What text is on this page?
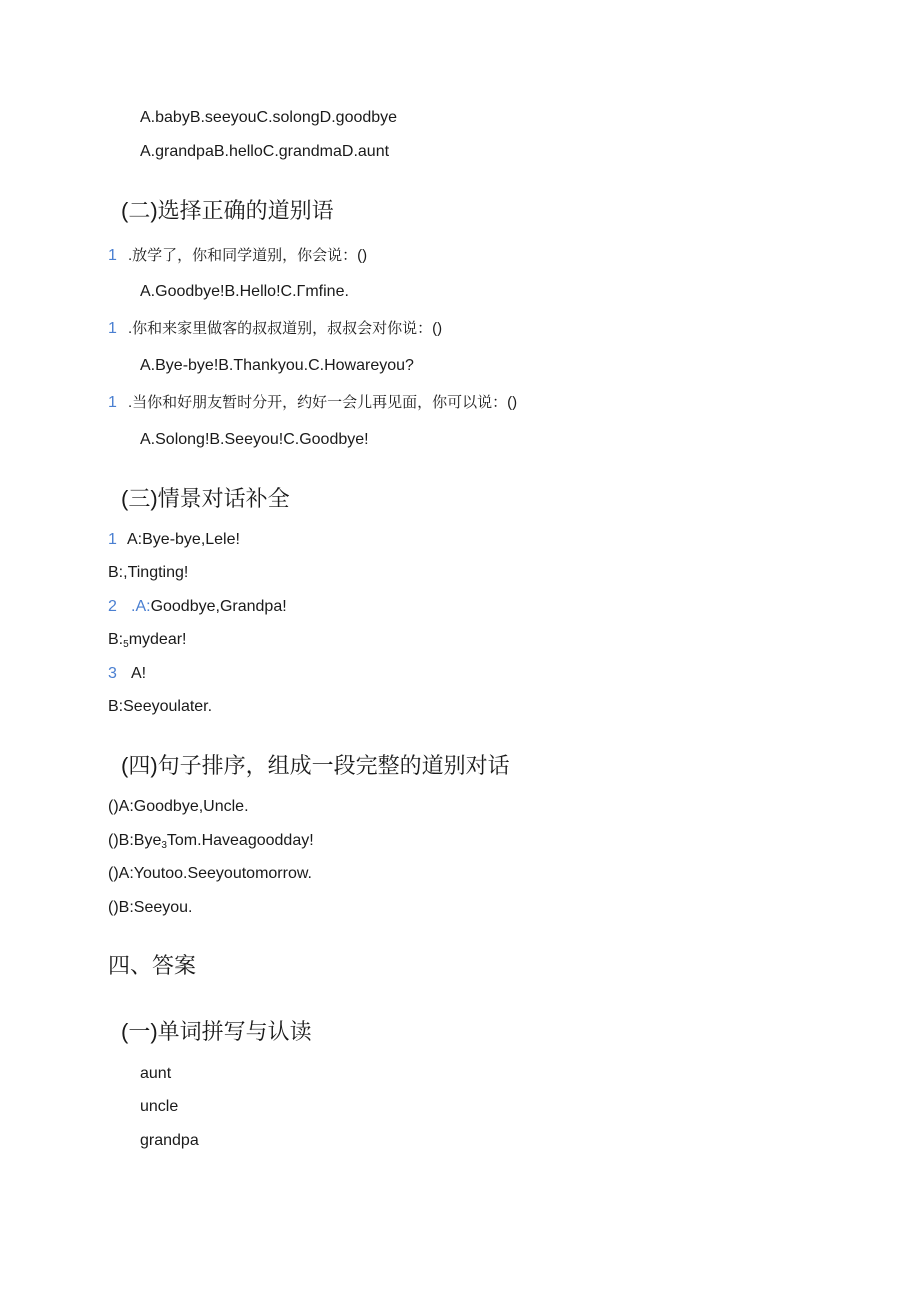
A.babyB.seeyouC.solongD.goodbye
A.grandpaB.helloC.grandmaD.aunt
(二)选择正确的道别语
1 .放学了，你和同学道别，你会说：()
A.Goodbye!B.Hello!C.Γmfine.
1 .你和来家里做客的叔叔道别，叔叔会对你说：()
A.Bye-bye!B.Thankyou.C.Howareyou?
1 .当你和好朋友暂时分开，约好一会儿再见面，你可以说：()
A.Solong!B.Seeyou!C.Goodbye!
(三)情景对话补全
1 A:Bye-bye,Lele!
B:,Tingting!
2 .A:Goodbye,Grandpa!
$B:_5mydear$!
3 A!
B:Seeyoulater.
(四)句子排序，组成一段完整的道别对话
()A:Goodbye,Uncle.
()B:Bye$_3$Tom.Haveagoodday!
()A:Youtoo.Seeyoutomorrow.
()B:Seeyou.
四、答案
(一)单词拼写与认读
aunt
uncle
grandpa
